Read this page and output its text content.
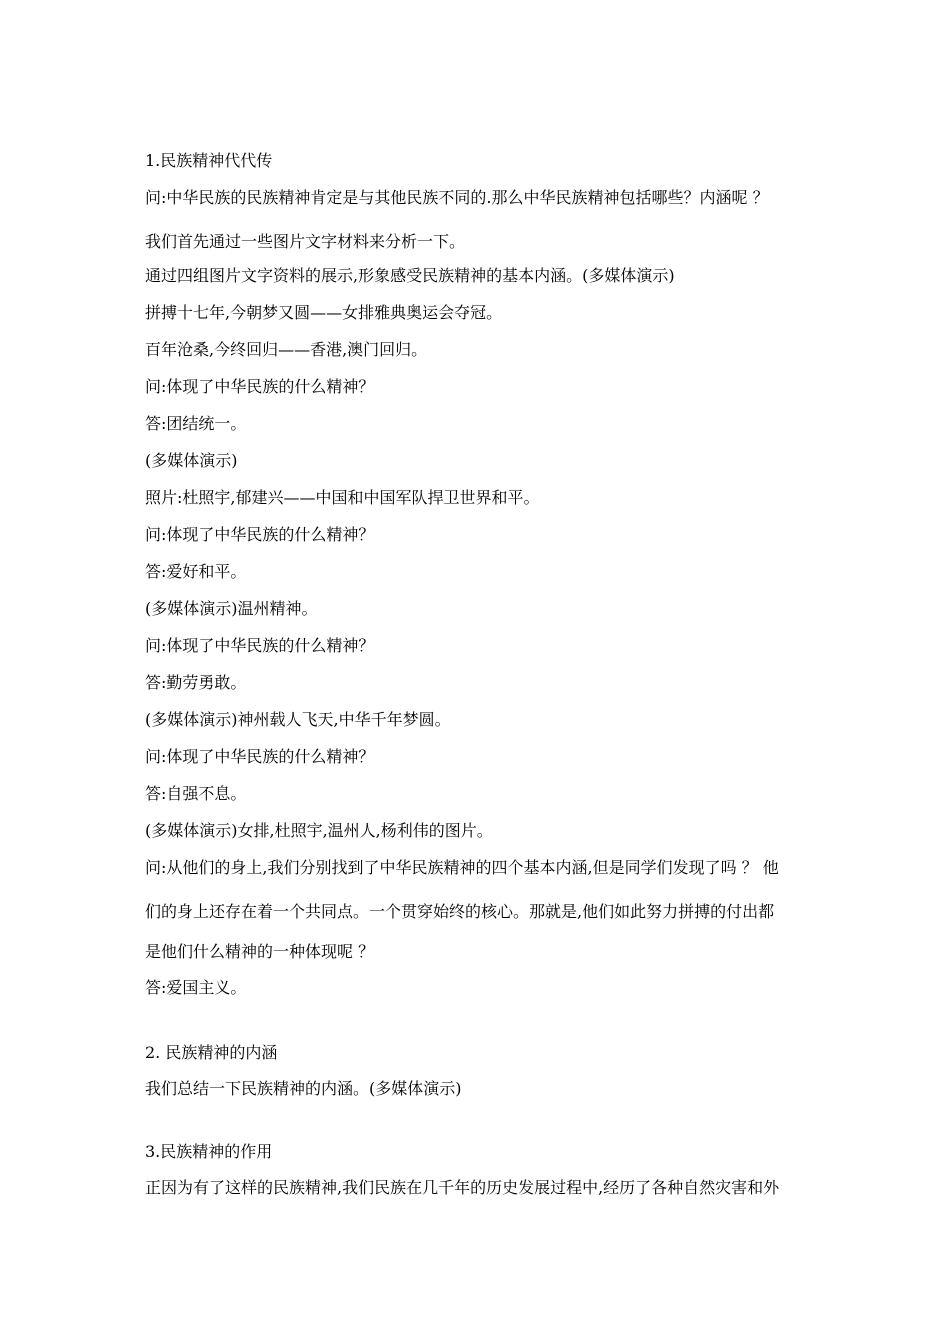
1.民族精神代代传
问:中华民族的民族精神肯定是与其他民族不同的.那么中华民族精神包括哪些？内涵呢 ？
我们首先通过一些图片文字材料来分析一下。
通过四组图片文字资料的展示,形象感受民族精神的基本内涵。(多媒体演示)
拼搏十七年,今朝梦又圆——女排雅典奥运会夺冠。
百年沧桑,今终回归——香港,澳门回归。
问:体现了中华民族的什么精神？
答:团结统一。
(多媒体演示)
照片:杜照宇,郁建兴——中国和中国军队捍卫世界和平。
问:体现了中华民族的什么精神？
答:爱好和平。
(多媒体演示)温州精神。
问:体现了中华民族的什么精神？
答:勤劳勇敢。
(多媒体演示)神州载人飞天,中华千年梦圆。
问:体现了中华民族的什么精神？
答:自强不息。
(多媒体演示)女排,杜照宇,温州人,杨利伟的图片。
问:从他们的身上,我们分别找到了中华民族精神的四个基本内涵,但是同学们发现了吗 ？ 他
们的身上还存在着一个共同点。一个贯穿始终的核心。那就是,他们如此努力拼搏的付出都
是他们什么精神的一种体现呢 ？
答:爱国主义。
2. 民族精神的内涵
我们总结一下民族精神的内涵。(多媒体演示)
3.民族精神的作用
正因为有了这样的民族精神,我们民族在几千年的历史发展过程中,经历了各种自然灾害和外
